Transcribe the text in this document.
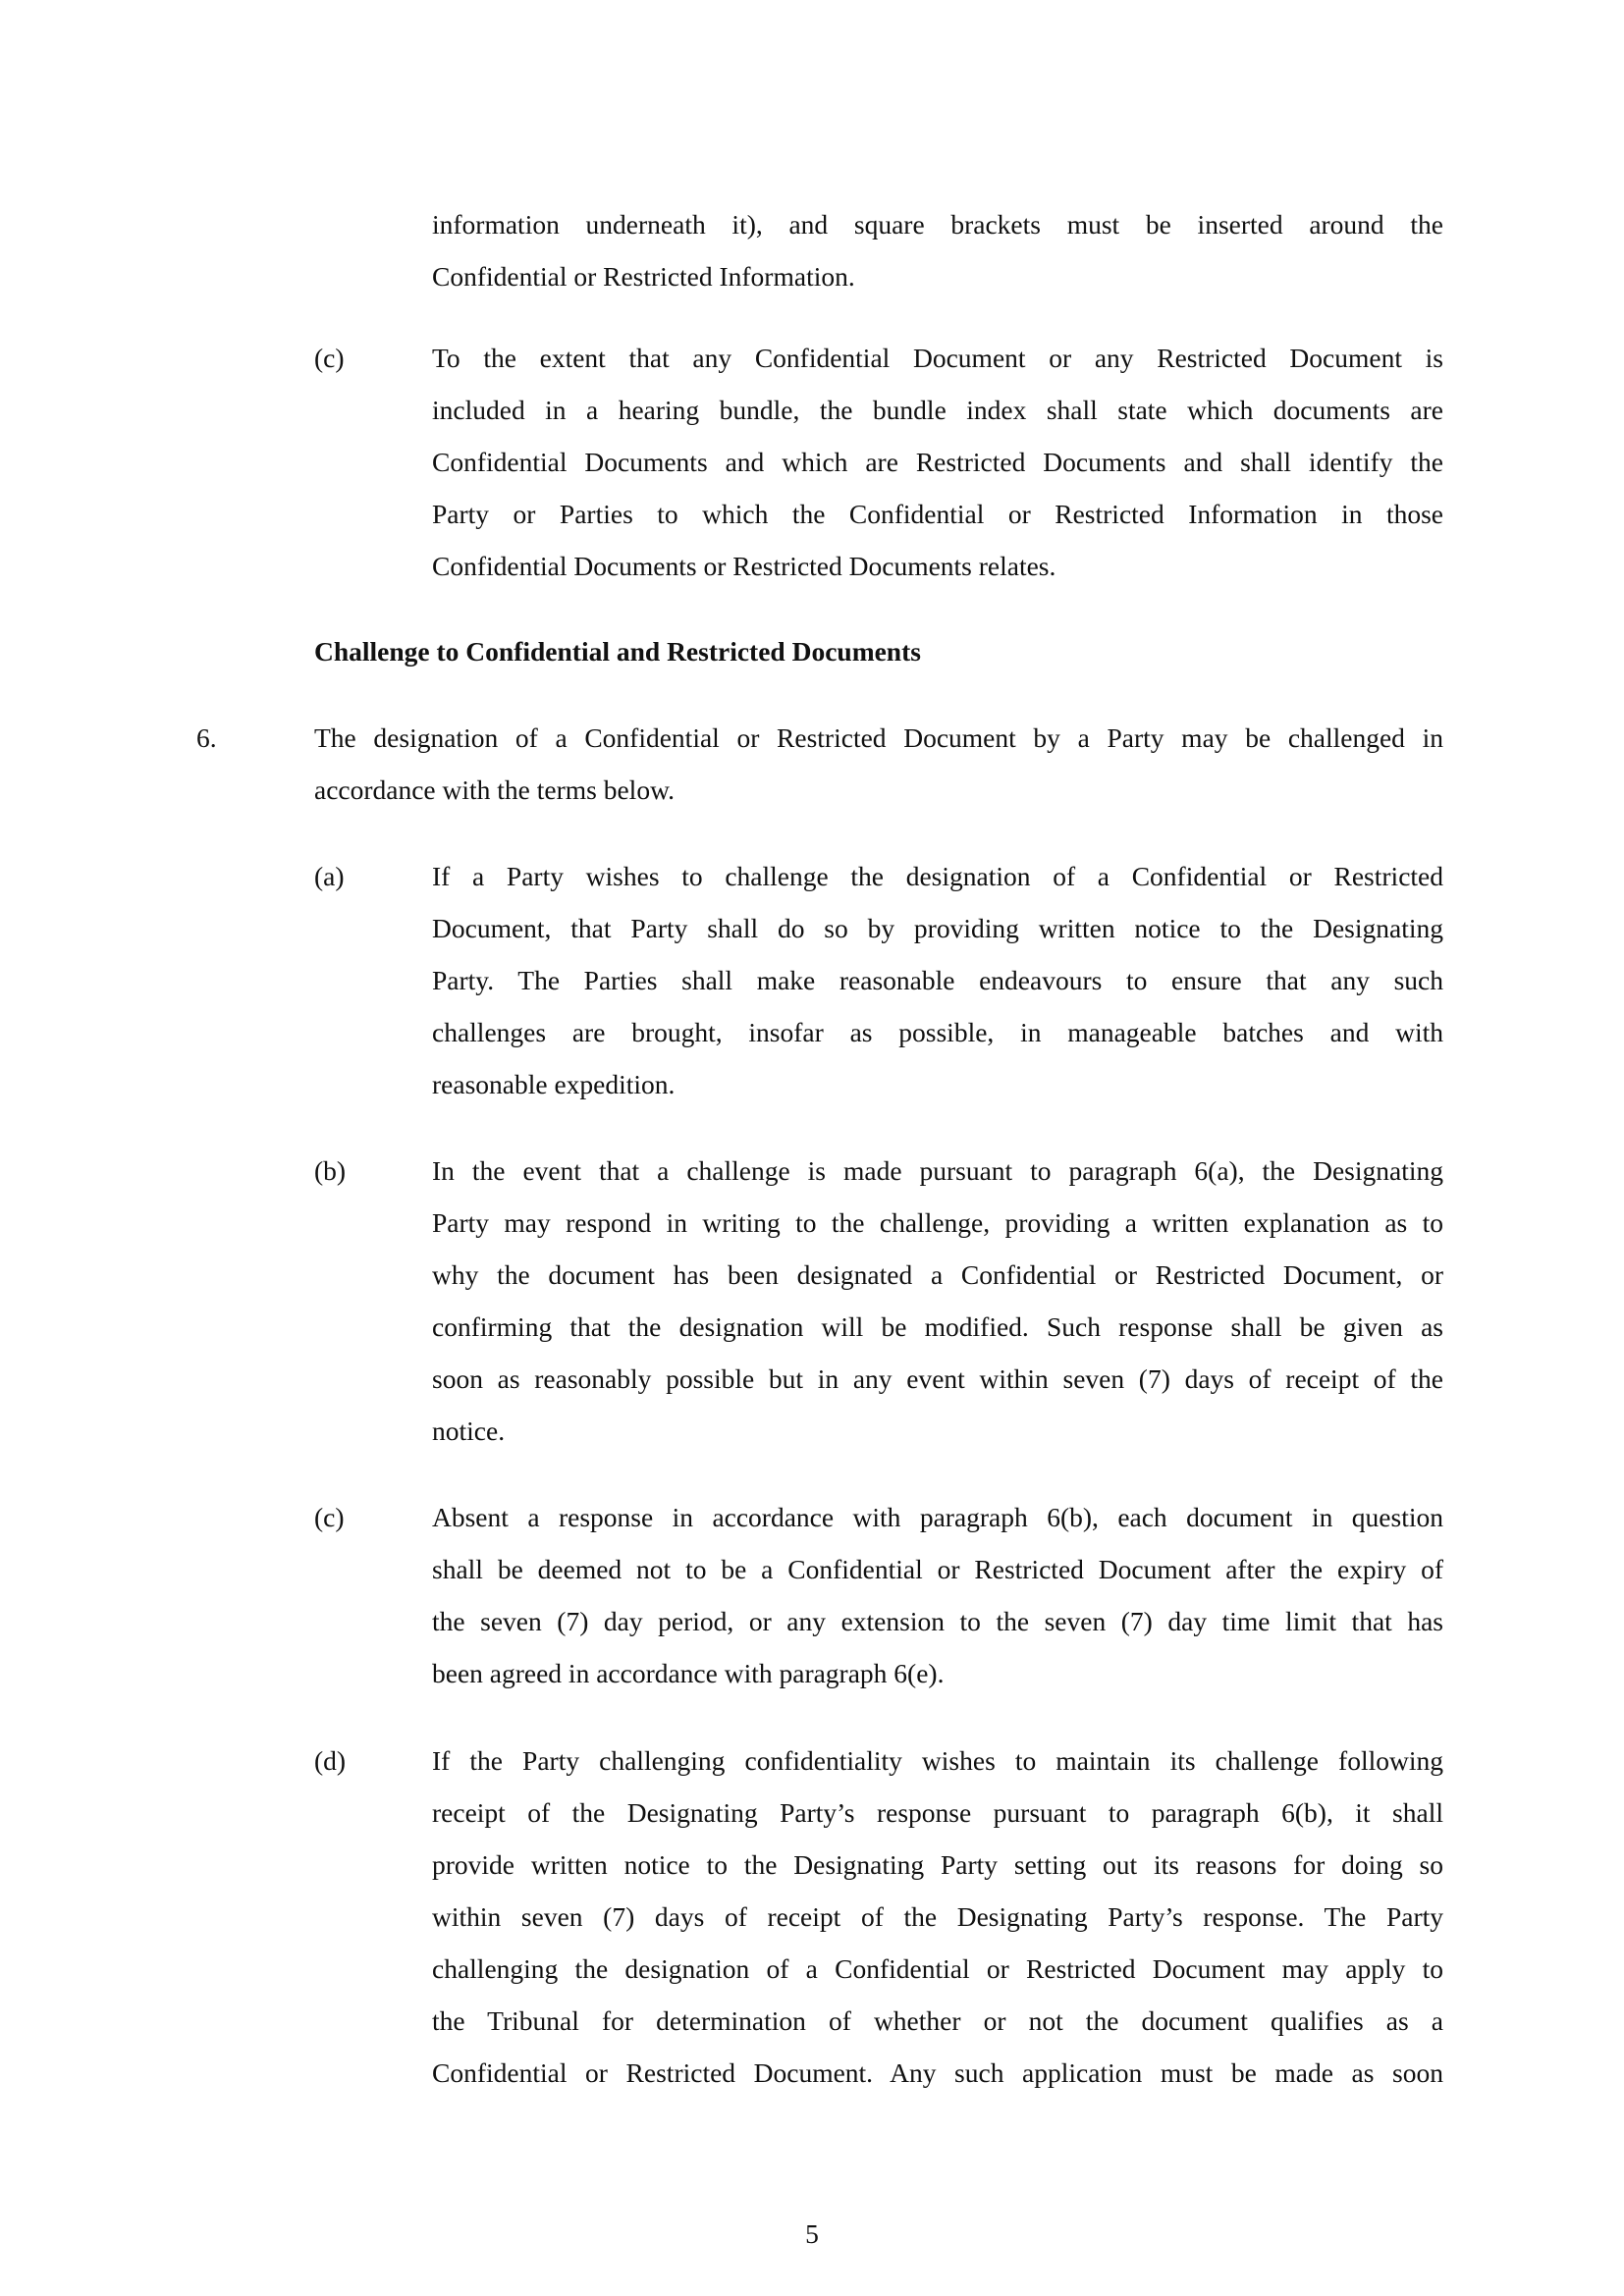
information underneath it), and square brackets must be inserted around the
Confidential or Restricted Information.
(c)	To the extent that any Confidential Document or any Restricted Document is
included in a hearing bundle, the bundle index shall state which documents are
Confidential Documents and which are Restricted Documents and shall identify the
Party or Parties to which the Confidential or Restricted Information in those
Confidential Documents or Restricted Documents relates.
Challenge to Confidential and Restricted Documents
6.	The designation of a Confidential or Restricted Document by a Party may be challenged in
accordance with the terms below.
(a)	If a Party wishes to challenge the designation of a Confidential or Restricted
Document, that Party shall do so by providing written notice to the Designating
Party. The Parties shall make reasonable endeavours to ensure that any such
challenges are brought, insofar as possible, in manageable batches and with
reasonable expedition.
(b)	In the event that a challenge is made pursuant to paragraph 6(a), the Designating
Party may respond in writing to the challenge, providing a written explanation as to
why the document has been designated a Confidential or Restricted Document, or
confirming that the designation will be modified. Such response shall be given as
soon as reasonably possible but in any event within seven (7) days of receipt of the
notice.
(c)	Absent a response in accordance with paragraph 6(b), each document in question
shall be deemed not to be a Confidential or Restricted Document after the expiry of
the seven (7) day period, or any extension to the seven (7) day time limit that has
been agreed in accordance with paragraph 6(e).
(d)	If the Party challenging confidentiality wishes to maintain its challenge following
receipt of the Designating Party’s response pursuant to paragraph 6(b), it shall
provide written notice to the Designating Party setting out its reasons for doing so
within seven (7) days of receipt of the Designating Party’s response. The Party
challenging the designation of a Confidential or Restricted Document may apply to
the Tribunal for determination of whether or not the document qualifies as a
Confidential or Restricted Document. Any such application must be made as soon
5
